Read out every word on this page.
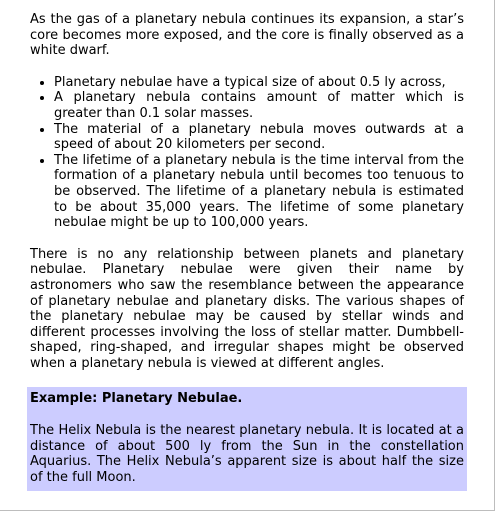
As the gas of a planetary nebula continues its expansion, a star’s core becomes more exposed, and the core is finally observed as a white dwarf.

• Planetary nebulae have a typical size of about 0.5 ly across,
• A planetary nebula contains amount of matter which is greater than 0.1 solar masses.
• The material of a planetary nebula moves outwards at a speed of about 20 kilometers per second.
• The lifetime of a planetary nebula is the time interval from the formation of a planetary nebula until becomes too tenuous to be observed. The lifetime of a planetary nebula is estimated to be about 35,000 years. The lifetime of some planetary nebulae might be up to 100,000 years.

There is no any relationship between planets and planetary nebulae. Planetary nebulae were given their name by astronomers who saw the resemblance between the appearance of planetary nebulae and planetary disks. The various shapes of the planetary nebulae may be caused by stellar winds and different processes involving the loss of stellar matter. Dumbbell-shaped, ring-shaped, and irregular shapes might be observed when a planetary nebula is viewed at different angles.

Example: Planetary Nebulae.

The Helix Nebula is the nearest planetary nebula. It is located at a distance of about 500 ly from the Sun in the constellation Aquarius. The Helix Nebula’s apparent size is about half the size of the full Moon.
